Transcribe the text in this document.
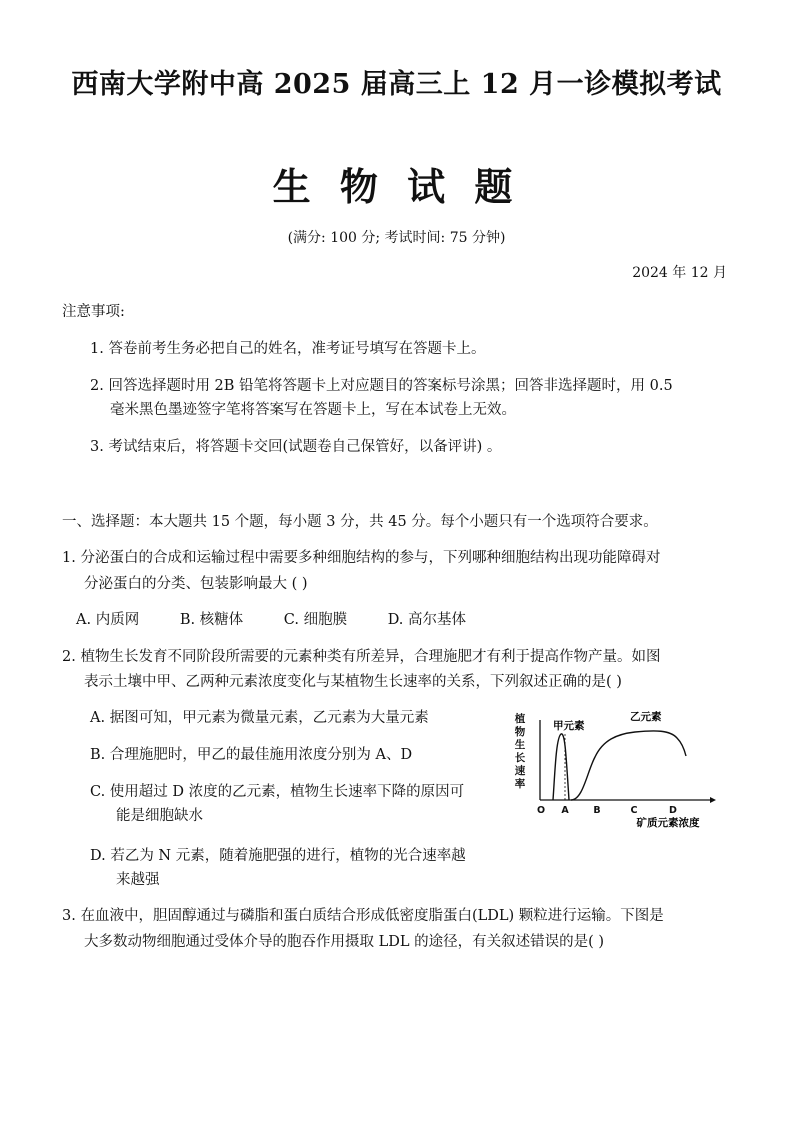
西南大学附中高 2025 届高三上 12 月一诊模拟考试
生 物 试 题
(满分: 100 分; 考试时间: 75 分钟)
2024 年 12 月
注意事项:
1. 答卷前考生务必把自己的姓名，准考证号填写在答题卡上。
2. 回答选择题时用 2B 铅笔将答题卡上对应题目的答案标号涂黑；回答非选择题时，用 0.5
毫米黑色墨迹签字笔将答案写在答题卡上，写在本试卷上无效。
3. 考试结束后，将答题卡交回(试题卷自己保管好，以备评讲) 。
一、选择题：本大题共 15 个题，每小题 3 分，共 45 分。每个小题只有一个选项符合要求。
1. 分泌蛋白的合成和运输过程中需要多种细胞结构的参与，下列哪种细胞结构出现功能障碍对
分泌蛋白的分类、包装影响最大 ( )
A. 内质网	B. 核糖体	C. 细胞膜	D. 高尔基体
2. 植物生长发育不同阶段所需要的元素种类有所差异，合理施肥才有利于提高作物产量。如图
表示土壤中甲、乙两种元素浓度变化与某植物生长速率的关系，下列叙述正确的是( )
A. 据图可知，甲元素为微量元素，乙元素为大量元素
B. 合理施肥时，甲乙的最佳施用浓度分别为 A、D
C. 使用超过 D 浓度的乙元素，植物生长速率下降的原因可
能是细胞缺水
D. 若乙为 N 元素，随着施肥强的进行，植物的光合速率越
来越强
植
物
生
长
速
率
甲元素
乙元素
O A	B	C	D
矿质元素浓度
3. 在血液中，胆固醇通过与磷脂和蛋白质结合形成低密度脂蛋白(LDL) 颗粒进行运输。下图是
大多数动物细胞通过受体介导的胞吞作用摄取 LDL 的途径，有关叙述错误的是( )
